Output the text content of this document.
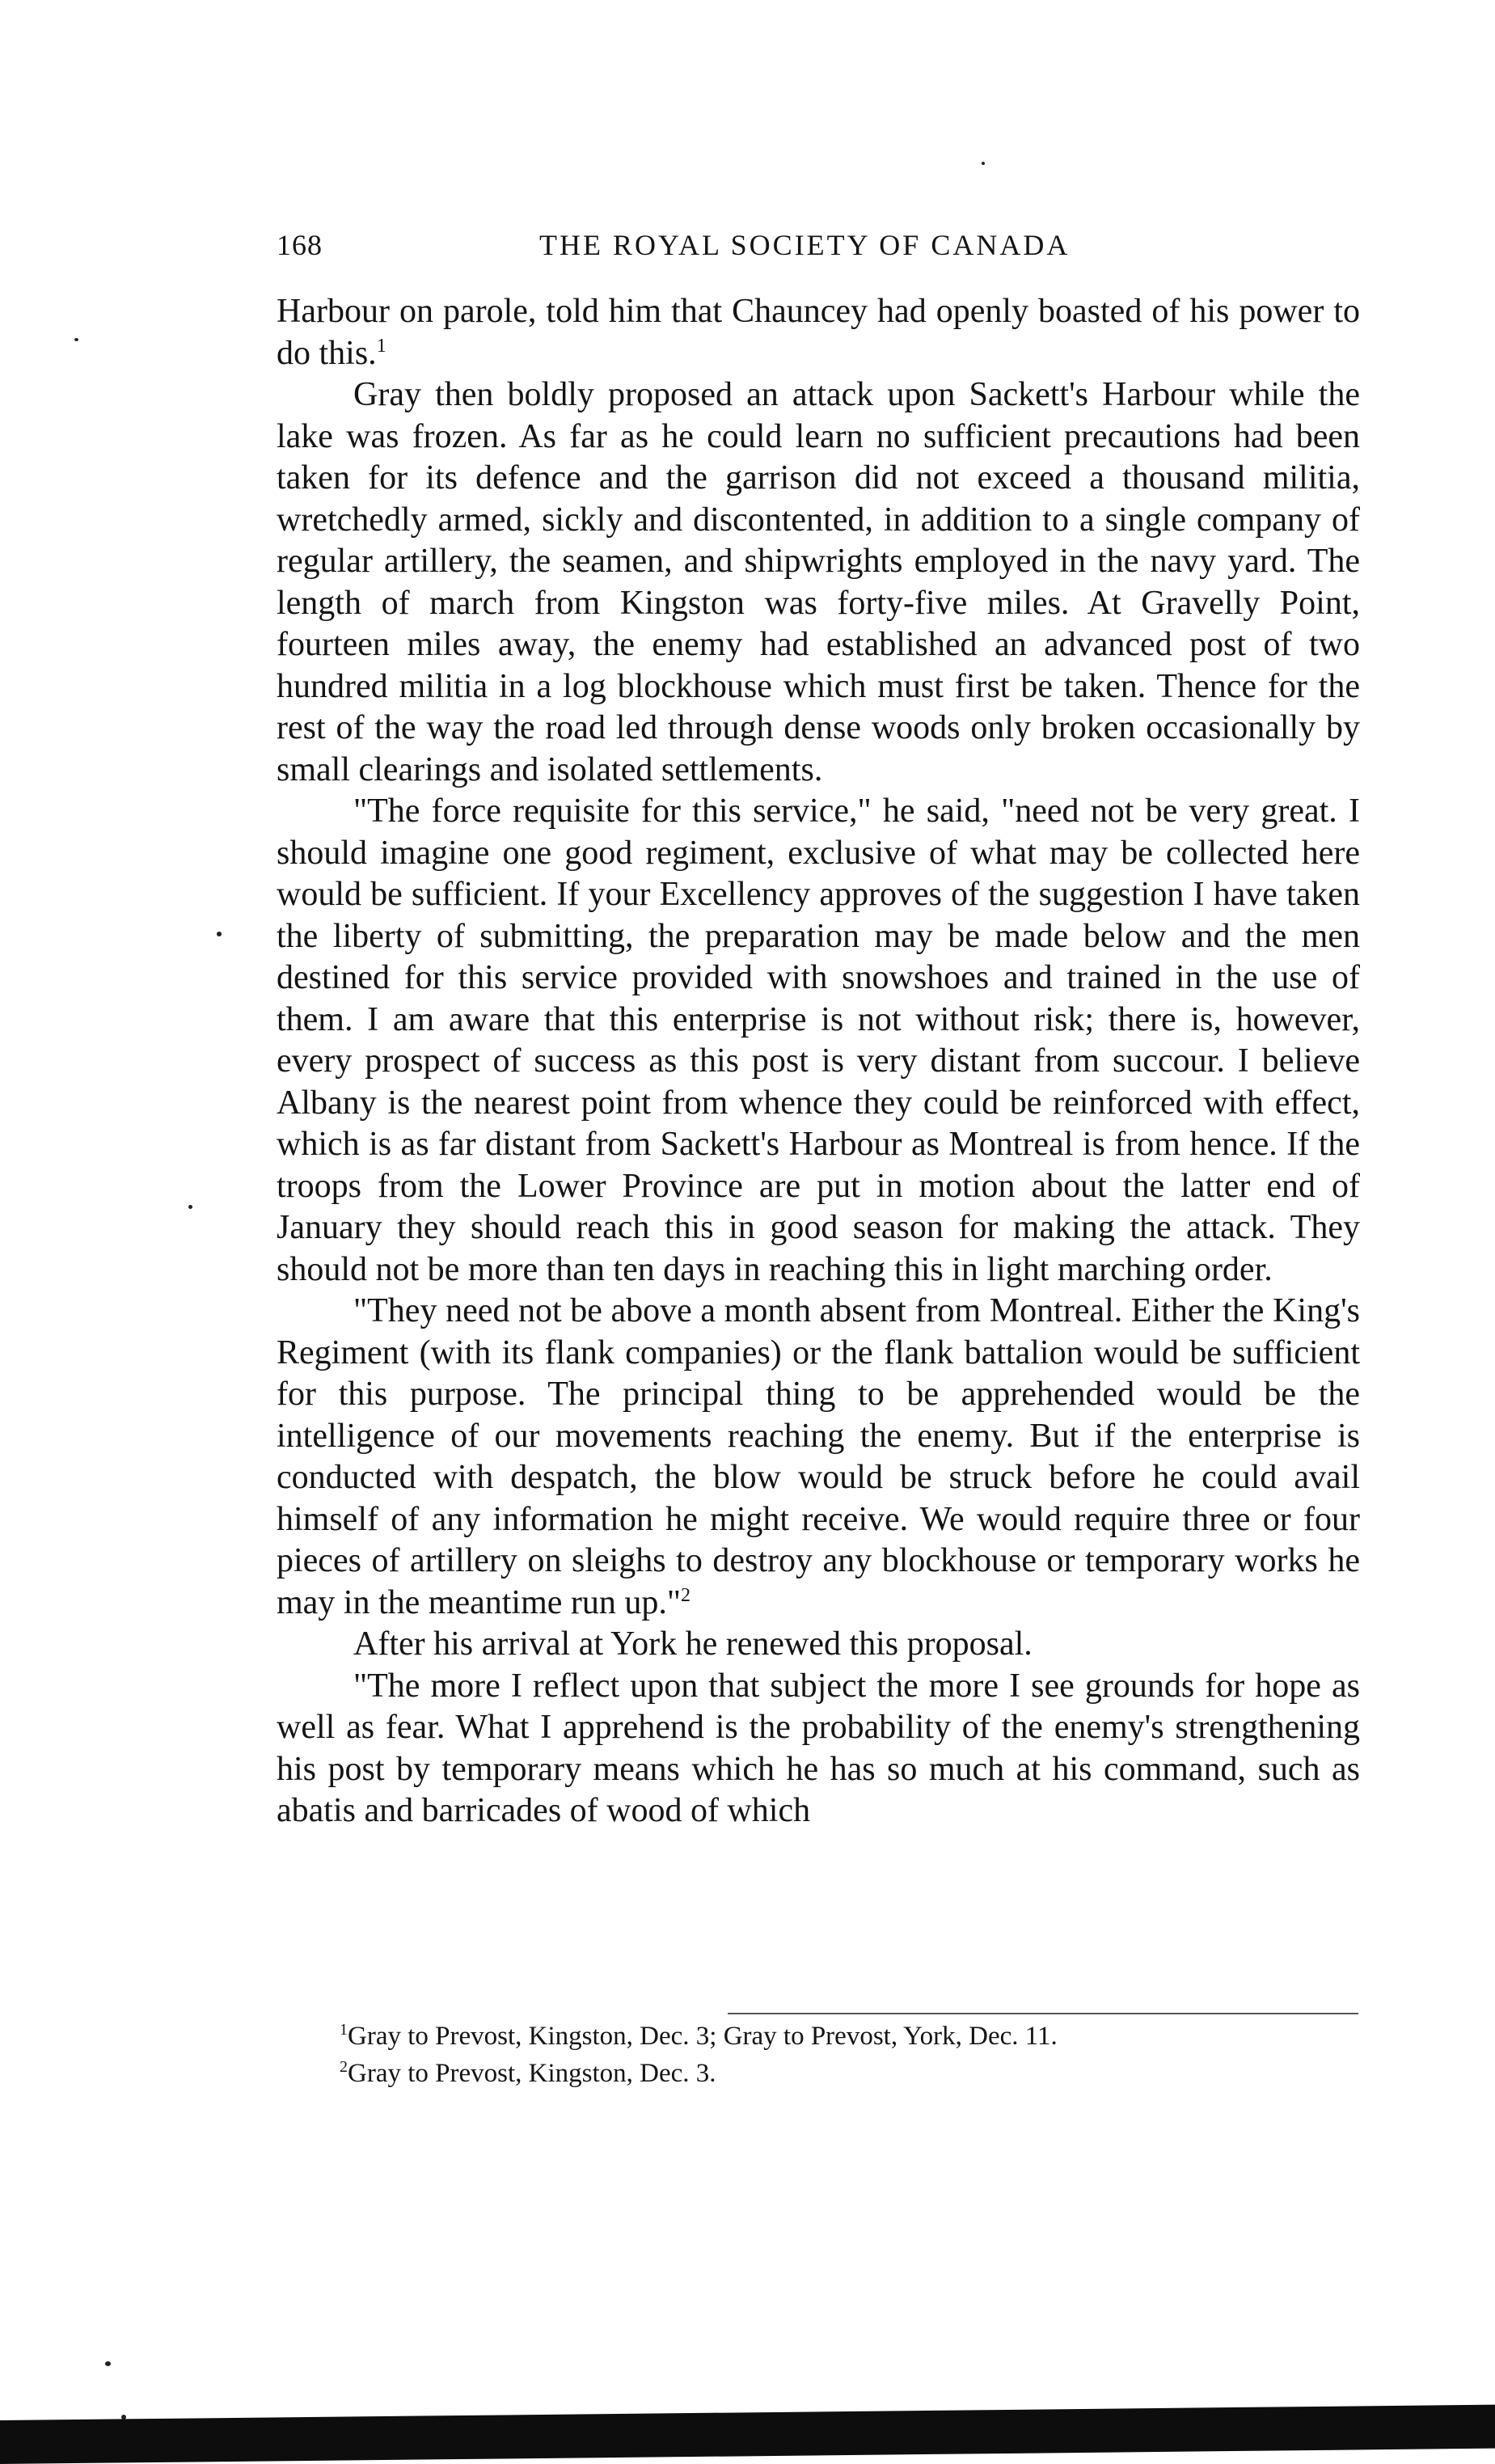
168	THE ROYAL SOCIETY OF CANADA

Harbour on parole, told him that Chauncey had openly boasted of his power to do this.$^1$

Gray then boldly proposed an attack upon Sackett's Harbour while the lake was frozen. As far as he could learn no sufficient precautions had been taken for its defence and the garrison did not exceed a thousand militia, wretchedly armed, sickly and discontented, in addition to a single company of regular artillery, the seamen, and shipwrights employed in the navy yard. The length of march from Kingston was forty-five miles. At Gravelly Point, fourteen miles away, the enemy had established an advanced post of two hundred militia in a log blockhouse which must first be taken. Thence for the rest of the way the road led through dense woods only broken occasionally by small clearings and isolated settlements.

"The force requisite for this service," he said, "need not be very great. I should imagine one good regiment, exclusive of what may be collected here would be sufficient. If your Excellency approves of the suggestion I have taken the liberty of submitting, the preparation may be made below and the men destined for this service provided with snowshoes and trained in the use of them. I am aware that this enterprise is not without risk; there is, however, every prospect of success as this post is very distant from succour. I believe Albany is the nearest point from whence they could be reinforced with effect, which is as far distant from Sackett's Harbour as Montreal is from hence. If the troops from the Lower Province are put in motion about the latter end of January they should reach this in good season for making the attack. They should not be more than ten days in reaching this in light marching order.

"They need not be above a month absent from Montreal. Either the King's Regiment (with its flank companies) or the flank battalion would be sufficient for this purpose. The principal thing to be apprehended would be the intelligence of our movements reaching the enemy. But if the enterprise is conducted with despatch, the blow would be struck before he could avail himself of any information he might receive. We would require three or four pieces of artillery on sleighs to destroy any blockhouse or temporary works he may in the meantime run up."$^2$

After his arrival at York he renewed this proposal.

"The more I reflect upon that subject the more I see grounds for hope as well as fear. What I apprehend is the probability of the enemy's strengthening his post by temporary means which he has so much at his command, such as abatis and barricades of wood of which

$^1$Gray to Prevost, Kingston, Dec. 3; Gray to Prevost, York, Dec. 11.

$^2$Gray to Prevost, Kingston, Dec. 3.
